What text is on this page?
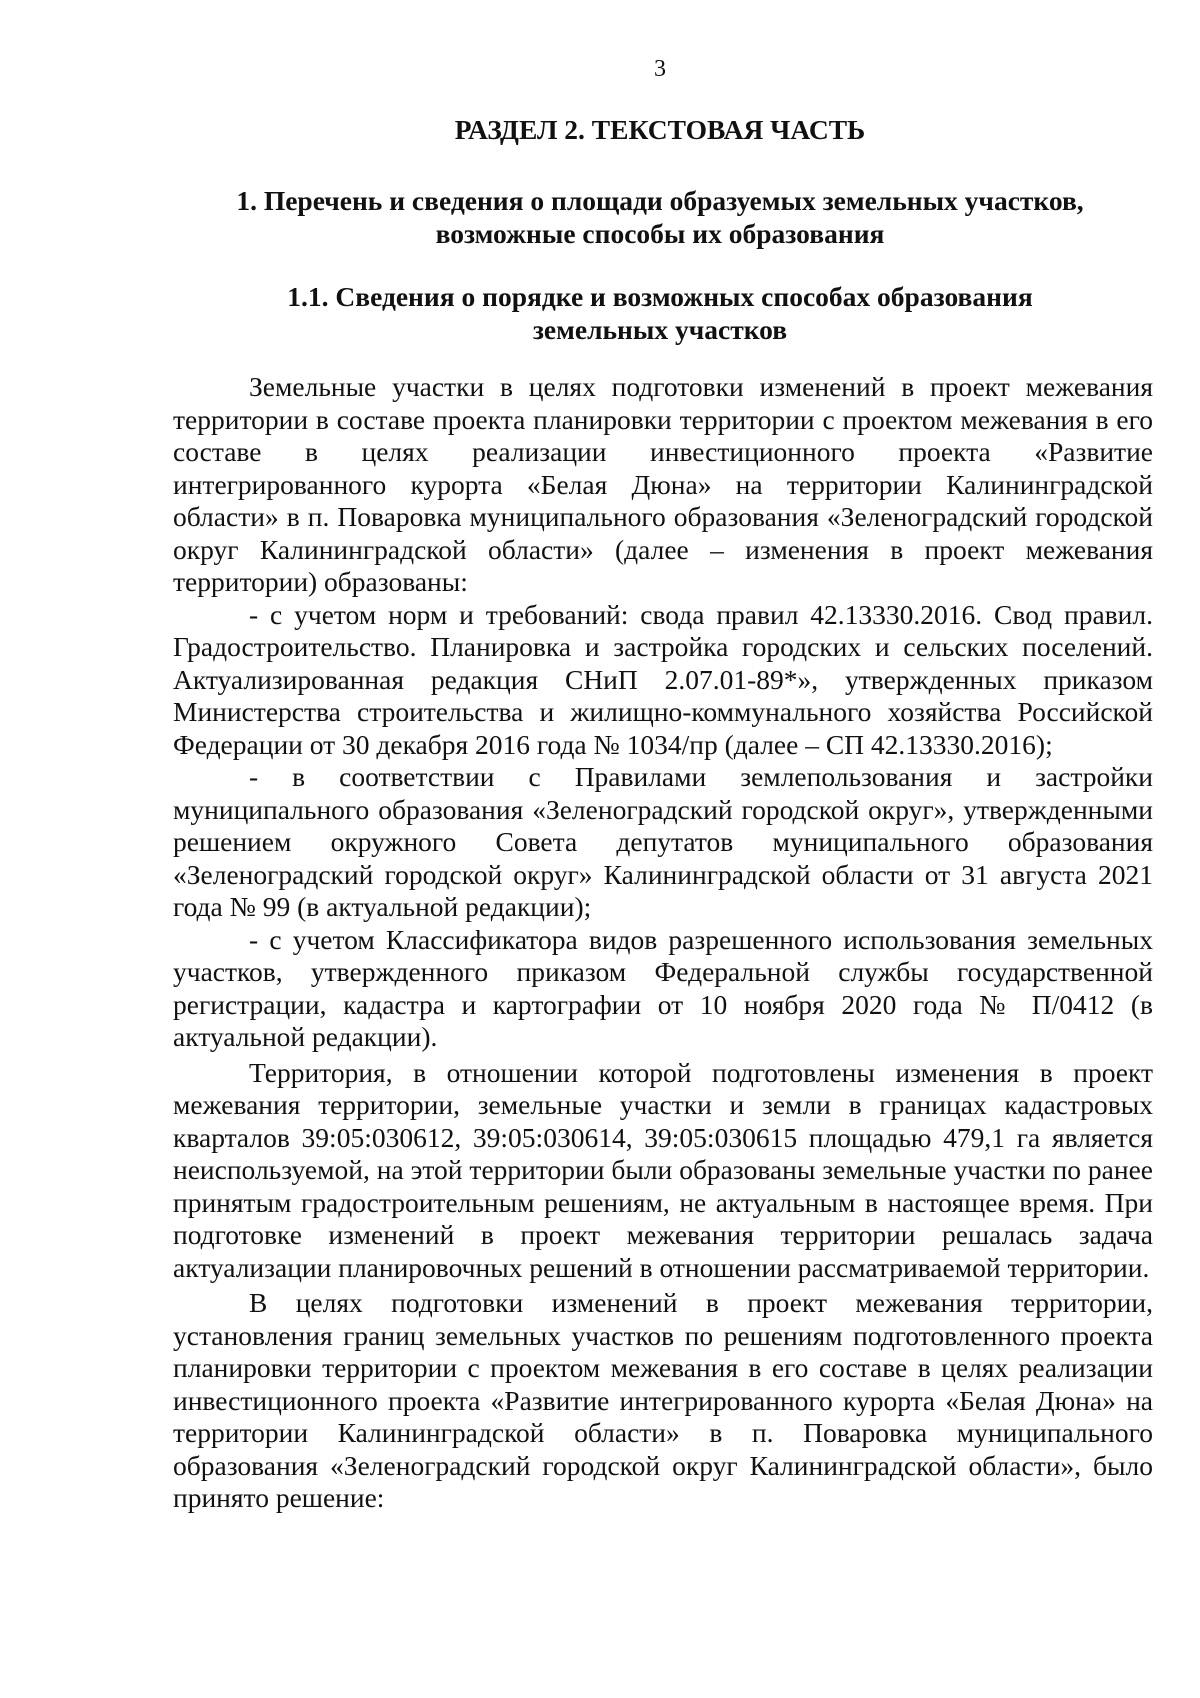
3
РАЗДЕЛ 2. ТЕКСТОВАЯ ЧАСТЬ
1. Перечень и сведения о площади образуемых земельных участков,
возможные способы их образования
1.1. Сведения о порядке и возможных способах образования
земельных участков

Земельные участки в целях подготовки изменений в проект межевания территории в составе проекта планировки территории с проектом межевания в его составе в целях реализации инвестиционного проекта «Развитие интегрированного курорта «Белая Дюна» на территории Калининградской области» в п. Поваровка муниципального образования «Зеленоградский городской округ Калининградской области» (далее – изменения в проект межевания территории) образованы:

- с учетом норм и требований: свода правил 42.13330.2016. Свод правил. Градостроительство. Планировка и застройка городских и сельских поселений. Актуализированная редакция СНиП 2.07.01-89*», утвержденных приказом Министерства строительства и жилищно-коммунального хозяйства Российской Федерации от 30 декабря 2016 года № 1034/пр (далее – СП 42.13330.2016);

- в соответствии с Правилами землепользования и застройки муниципального образования «Зеленоградский городской округ», утвержденными решением окружного Совета депутатов муниципального образования «Зеленоградский городской округ» Калининградской области от 31 августа 2021 года № 99 (в актуальной редакции);

- с учетом Классификатора видов разрешенного использования земельных участков, утвержденного приказом Федеральной службы государственной регистрации, кадастра и картографии от 10 ноября 2020 года № П/0412 (в актуальной редакции).

Территория, в отношении которой подготовлены изменения в проект межевания территории, земельные участки и земли в границах кадастровых кварталов 39:05:030612, 39:05:030614, 39:05:030615 площадью 479,1 га является неиспользуемой, на этой территории были образованы земельные участки по ранее принятым градостроительным решениям, не актуальным в настоящее время. При подготовке изменений в проект межевания территории решалась задача актуализации планировочных решений в отношении рассматриваемой территории.

В целях подготовки изменений в проект межевания территории, установления границ земельных участков по решениям подготовленного проекта планировки территории с проектом межевания в его составе в целях реализации инвестиционного проекта «Развитие интегрированного курорта «Белая Дюна» на территории Калининградской области» в п. Поваровка муниципального образования «Зеленоградский городской округ Калининградской области», было принято решение:
